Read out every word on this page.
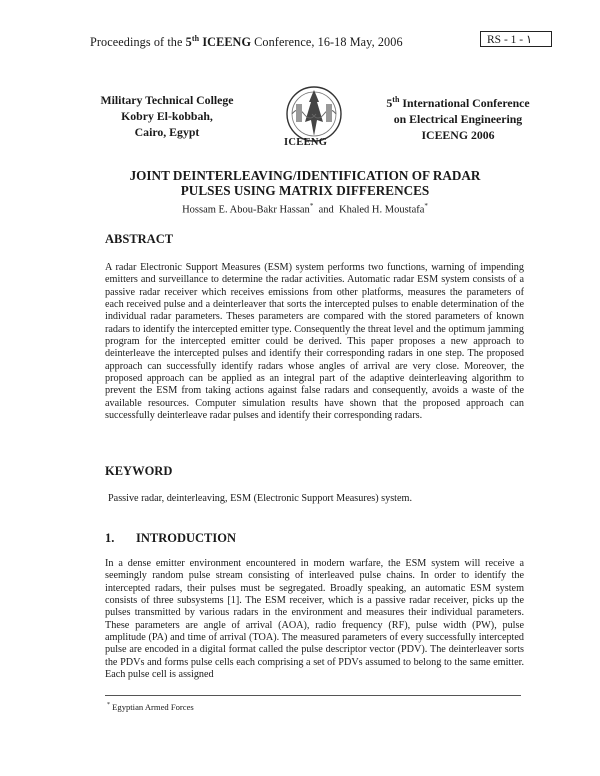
Proceedings of the 5th ICEENG Conference, 16-18 May, 2006	RS - 1 - ١
Military Technical College
Kobry El-kobbah,
Cairo, Egypt
ICEENG
5th International Conference
on Electrical Engineering
ICEENG 2006
JOINT DEINTERLEAVING/IDENTIFICATION OF RADAR
PULSES USING MATRIX DIFFERENCES
Hossam E. Abou-Bakr Hassan*  and  Khaled H. Moustafa*
ABSTRACT
A radar Electronic Support Measures (ESM) system performs two functions, warning of impending emitters and surveillance to determine the radar activities. Automatic radar ESM system consists of a passive radar receiver which receives emissions from other platforms, measures the parameters of each received pulse and a deinterleaver that sorts the intercepted pulses to enable determination of the individual radar parameters. Theses parameters are compared with the stored parameters of known radars to identify the intercepted emitter type. Consequently the threat level and the optimum jamming program for the intercepted emitter could be derived. This paper proposes a new approach to deinterleave the intercepted pulses and identify their corresponding radars in one step. The proposed approach can successfully identify radars whose angles of arrival are very close. Moreover, the proposed approach can be applied as an integral part of the adaptive deinterleaving algorithm to prevent the ESM from taking actions against false radars and consequently, avoids a waste of the available resources. Computer simulation results have shown that the proposed approach can successfully deinterleave radar pulses and identify their corresponding radars.
KEYWORD
Passive radar, deinterleaving, ESM (Electronic Support Measures) system.
1. INTRODUCTION
In a dense emitter environment encountered in modern warfare, the ESM system will receive a seemingly random pulse stream consisting of interleaved pulse chains. In order to identify the intercepted radars, their pulses must be segregated. Broadly speaking, an automatic ESM system consists of three subsystems [1]. The ESM receiver, which is a passive radar receiver, picks up the pulses transmitted by various radars in the environment and measures their individual parameters. These parameters are angle of arrival (AOA), radio frequency (RF), pulse width (PW), pulse amplitude (PA) and time of arrival (TOA). The measured parameters of every successfully intercepted pulse are encoded in a digital format called the pulse descriptor vector (PDV). The deinterleaver sorts the PDVs and forms pulse cells each comprising a set of PDVs assumed to belong to the same emitter. Each pulse cell is assigned
* Egyptian Armed Forces
